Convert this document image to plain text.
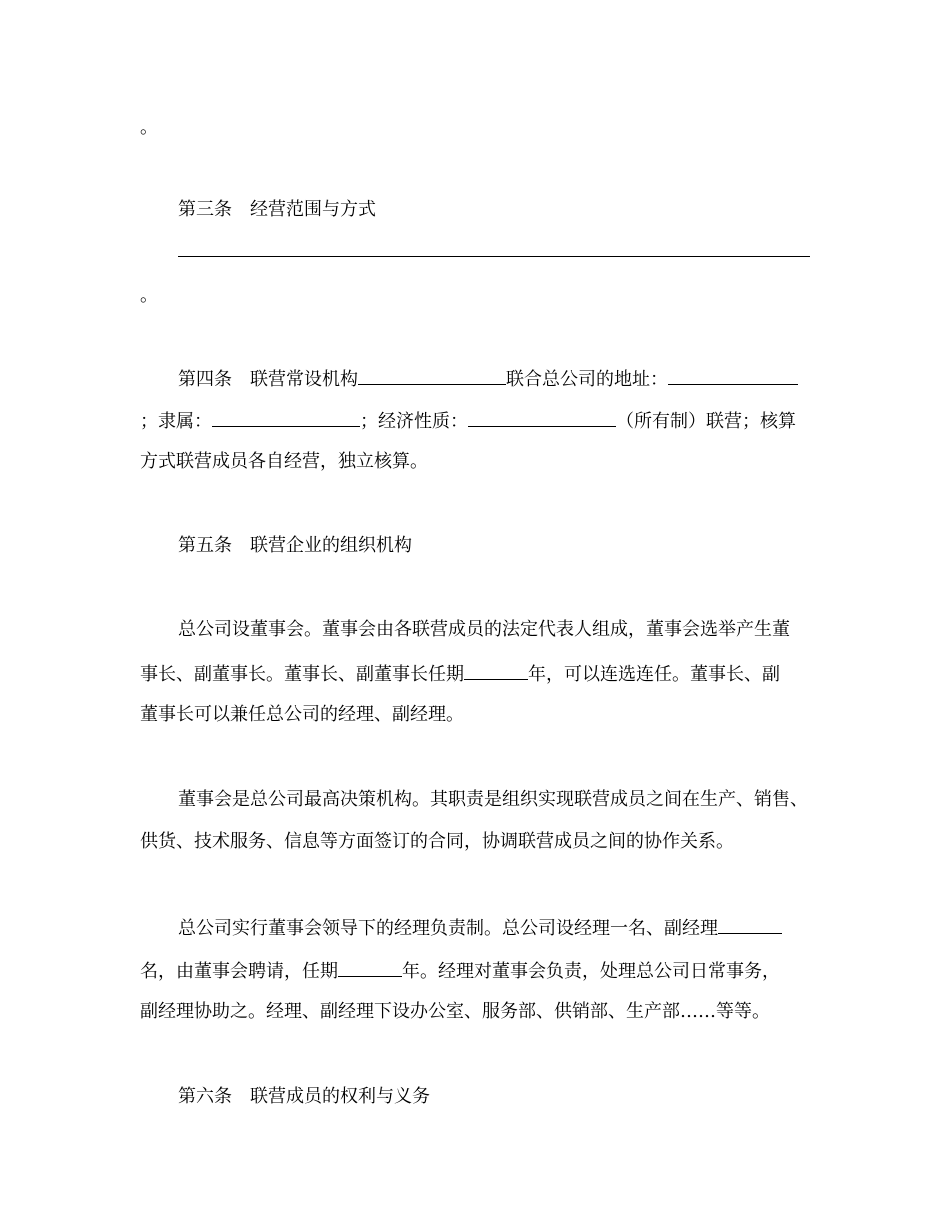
。
第三条　经营范围与方式
。
第四条　联营常设机构	联合总公司的地址：
；隶属：	；经济性质：	（所有制）联营；核算
方式联营成员各自经营，独立核算。
第五条　联营企业的组织机构
总公司设董事会。董事会由各联营成员的法定代表人组成，董事会选举产生董
事长、副董事长。董事长、副董事长任期	年，可以连选连任。董事长、副
董事长可以兼任总公司的经理、副经理。
董事会是总公司最高决策机构。其职责是组织实现联营成员之间在生产、销售、
供货、技术服务、信息等方面签订的合同，协调联营成员之间的协作关系。
总公司实行董事会领导下的经理负责制。总公司设经理一名、副经理
名，由董事会聘请，任期	年。经理对董事会负责，处理总公司日常事务，
副经理协助之。经理、副经理下设办公室、服务部、供销部、生产部……等等。
第六条　联营成员的权利与义务
